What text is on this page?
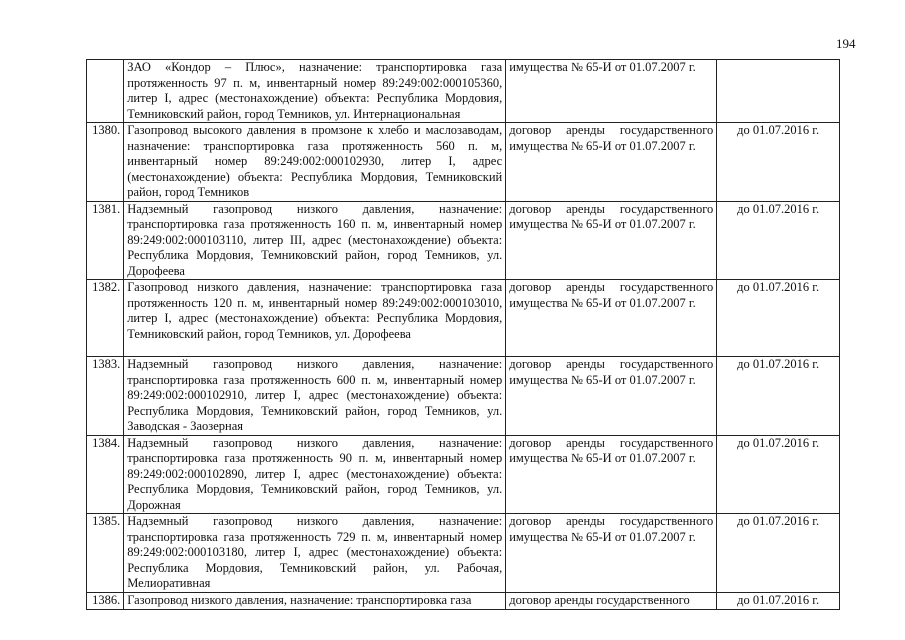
194
	ЗАО «Кондор – Плюс», назначение: транспортировка газа протяженность 97 п. м, инвентарный номер 89:249:002:000105360, литер I, адрес (местонахождение) объекта: Республика Мордовия, Темниковский район, город Темников, ул. Интернациональная	имущества № 65-И от 01.07.2007 г.	
1380.	Газопровод высокого давления в промзоне к хлебо и маслозаводам, назначение: транспортировка газа протяженность 560 п. м, инвентарный номер 89:249:002:000102930, литер I, адрес (местонахождение) объекта: Республика Мордовия, Темниковский район, город Темников	договор аренды государственного имущества № 65-И от 01.07.2007 г.	до 01.07.2016 г.
1381.	Надземный газопровод низкого давления, назначение: транспортировка газа протяженность 160 п. м, инвентарный номер 89:249:002:000103110, литер III, адрес (местонахождение) объекта: Республика Мордовия, Темниковский район, город Темников, ул. Дорофеева	договор аренды государственного имущества № 65-И от 01.07.2007 г.	до 01.07.2016 г.
1382.	Газопровод низкого давления, назначение: транспортировка газа протяженность 120 п. м, инвентарный номер 89:249:002:000103010, литер I, адрес (местонахождение) объекта: Республика Мордовия, Темниковский район, город Темников, ул. Дорофеева	договор аренды государственного имущества № 65-И от 01.07.2007 г.	до 01.07.2016 г.
1383.	Надземный газопровод низкого давления, назначение: транспортировка газа протяженность 600 п. м, инвентарный номер 89:249:002:000102910, литер I, адрес (местонахождение) объекта: Республика Мордовия, Темниковский район, город Темников, ул. Заводская - Заозерная	договор аренды государственного имущества № 65-И от 01.07.2007 г.	до 01.07.2016 г.
1384.	Надземный газопровод низкого давления, назначение: транспортировка газа протяженность 90 п. м, инвентарный номер 89:249:002:000102890, литер I, адрес (местонахождение) объекта: Республика Мордовия, Темниковский район, город Темников, ул. Дорожная	договор аренды государственного имущества № 65-И от 01.07.2007 г.	до 01.07.2016 г.
1385.	Надземный газопровод низкого давления, назначение: транспортировка газа протяженность 729 п. м, инвентарный номер 89:249:002:000103180, литер I, адрес (местонахождение) объекта: Республика Мордовия, Темниковский район, ул. Рабочая, Мелиоративная	договор аренды государственного имущества № 65-И от 01.07.2007 г.	до 01.07.2016 г.
1386.	Газопровод низкого давления, назначение: транспортировка газа	договор аренды государственного	до 01.07.2016 г.
